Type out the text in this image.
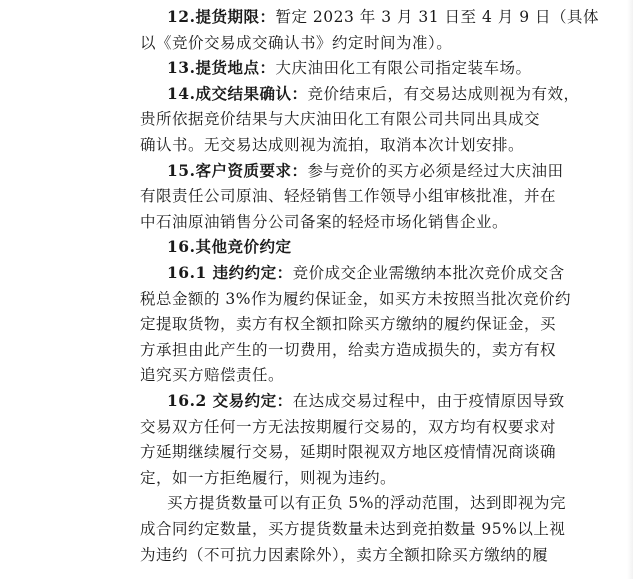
12.提货期限：暂定 2023 年 3 月 31 日至 4 月 9 日（具体
以《竞价交易成交确认书》约定时间为准）。
13.提货地点：大庆油田化工有限公司指定装车场。
14.成交结果确认：竞价结束后，有交易达成则视为有效，
贵所依据竞价结果与大庆油田化工有限公司共同出具成交
确认书。无交易达成则视为流拍，取消本次计划安排。
15.客户资质要求：参与竞价的买方必须是经过大庆油田
有限责任公司原油、轻烃销售工作领导小组审核批准，并在
中石油原油销售分公司备案的轻烃市场化销售企业。
16.其他竞价约定
16.1 违约约定：竞价成交企业需缴纳本批次竞价成交含
税总金额的 3%作为履约保证金，如买方未按照当批次竞价约
定提取货物，卖方有权全额扣除买方缴纳的履约保证金，买
方承担由此产生的一切费用，给卖方造成损失的，卖方有权
追究买方赔偿责任。
16.2 交易约定：在达成交易过程中，由于疫情原因导致
交易双方任何一方无法按期履行交易的，双方均有权要求对
方延期继续履行交易，延期时限视双方地区疫情情况商谈确
定，如一方拒绝履行，则视为违约。
买方提货数量可以有正负 5%的浮动范围，达到即视为完
成合同约定数量，买方提货数量未达到竞拍数量 95%以上视
为违约（不可抗力因素除外），卖方全额扣除买方缴纳的履
